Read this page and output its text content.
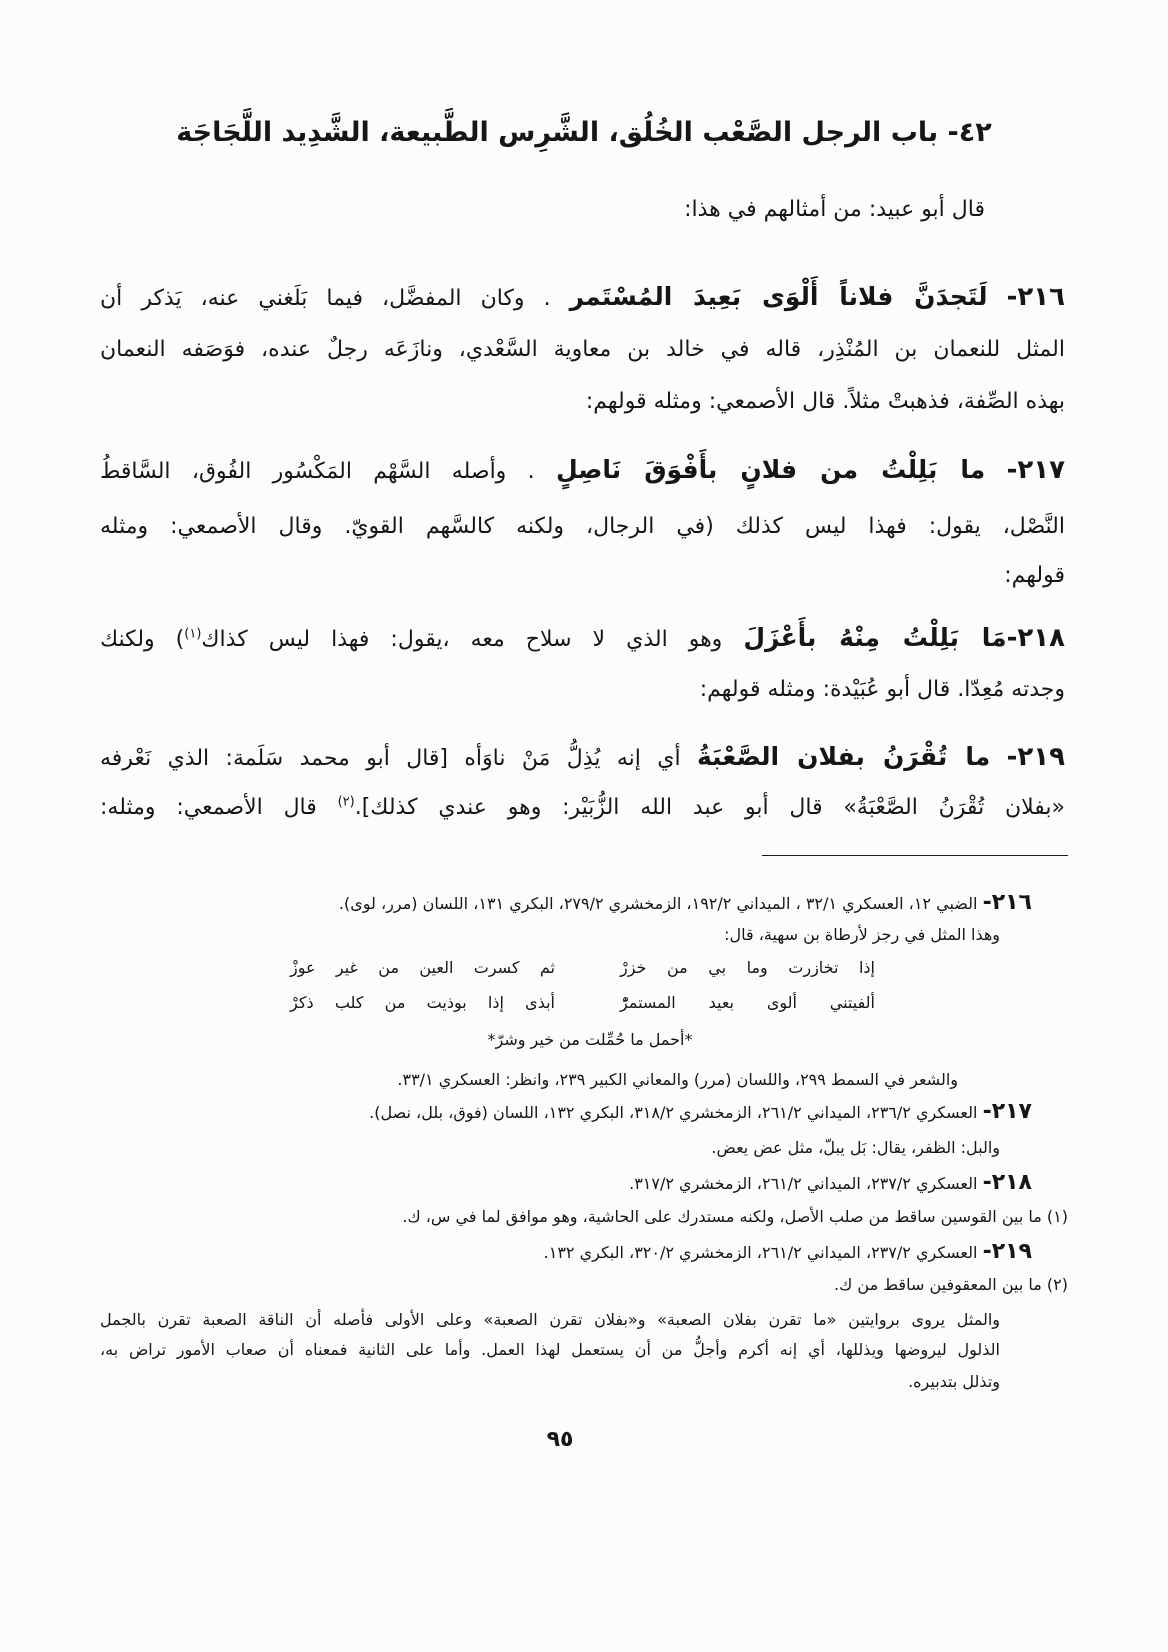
٤٢- باب الرجل الصَّعْب الخُلُق، الشَّرِس الطَّبيعة، الشَّدِيد اللَّجَاجَة

قال أبو عبيد: من أمثالهم في هذا:

٢١٦- لَتَجدَنَّ فلاناً أَلْوَى بَعِيدَ المُسْتَمر . وكان المفضَّل، فيما بَلَغني عنه، يَذكر أن

المثل للنعمان بن المُنْذِر، قاله في خالد بن معاوية السَّعْدي، ونازَعَه رجلٌ عنده، فوَصَفه النعمان

بهذه الصِّفة، فذهبتْ مثلاً. قال الأصمعي: ومثله قولهم:

٢١٧- ما بَلِلْتُ من فلانٍ بأَفْوَقَ نَاصِلٍ . وأصله السَّهْم المَكْسُور الفُوق، السَّاقطُ

النَّصْل، يقول: فهذا ليس كذلك (في الرجال، ولكنه كالسَّهم القويّ. وقال الأصمعي: ومثله

قولهم:

٢١٨-مَا بَلِلْتُ مِنْهُ بأَعْزَلَ وهو الذي لا سلاح معه ،يقول: فهذا ليس كذاك$^{(١)}$) ولكنك

وجدته مُعِدّا. قال أبو عُبَيْدة: ومثله قولهم:

٢١٩- ما تُقْرَنُ بفلان الصَّعْبَةُ أي إنه يُذِلُّ مَنْ ناوَأه [قال أبو محمد سَلَمة: الذي نَعْرفه

«بفلان تُقْرَنُ الصَّعْبَةُ» قال أبو عبد الله الزُّبَيْر: وهو عندي كذلك].$^{(٢)}$ قال الأصمعي: ومثله:

٢١٦- الضبي ١٢، العسكري ٣٢/١ ، الميداني ١٩٢/٢، الزمخشري ٢٧٩/٢، البكري ١٣١، اللسان (مرر، لوى).

وهذا المثل في رجز لأرطاة بن سهية، قال:

إذا تخازرت وما بي من خزرْ

ثم كسرت العين من غير عوزْ

ألفيتني ألوى بعيد المستمرّْ

أبذى إذا بوذيت من كلب ذكرْ

*أحمل ما حُمِّلت من خير وشرّ*

والشعر في السمط ٢٩٩، واللسان (مرر) والمعاني الكبير ٢٣٩، وانظر: العسكري ٣٣/١.

٢١٧- العسكري ٢٣٦/٢، الميداني ٢٦١/٢، الزمخشري ٣١٨/٢، البكري ١٣٢، اللسان (فوق، بلل، نصل).

والبل: الظفر، يقال: بَل يبلّ، مثل عض يعض.

٢١٨- العسكري ٢٣٧/٢، الميداني ٢٦١/٢، الزمخشري ٣١٧/٢.

(١) ما بين القوسين ساقط من صلب الأصل، ولكنه مستدرك على الحاشية، وهو موافق لما في س، ك.

٢١٩- العسكري ٢٣٧/٢، الميداني ٢٦١/٢، الزمخشري ٣٢٠/٢، البكري ١٣٢.

(٢) ما بين المعقوفين ساقط من ك.

والمثل يروى بروايتين «ما تقرن بفلان الصعبة» و«بفلان تقرن الصعبة» وعلى الأولى فأصله أن الناقة الصعبة تقرن بالجمل

الذلول ليروضها ويذللها، أي إنه أكرم وأجلُّ من أن يستعمل لهذا العمل. وأما على الثانية فمعناه أن صعاب الأمور تراض به،

وتذلل بتدبيره.

٩٥
